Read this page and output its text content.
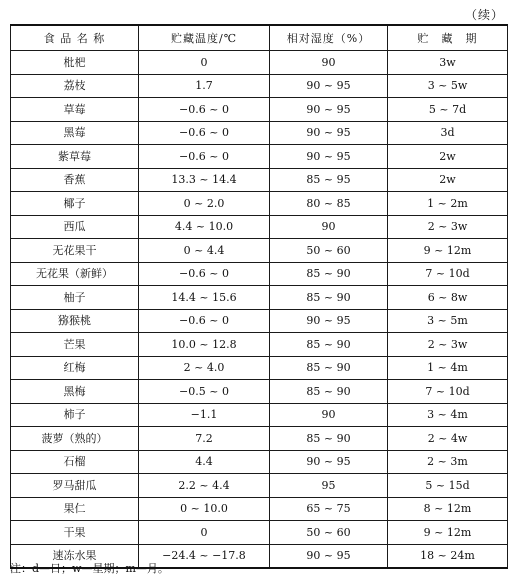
（续）
食 品 名 称	贮藏温度/℃	相对湿度（%）	贮　藏　期
枇杷	0	90	3w
荔枝	1.7	90 ~ 95	3 ~ 5w
草莓	−0.6 ~ 0	90 ~ 95	5 ~ 7d
黑莓	−0.6 ~ 0	90 ~ 95	3d
紫草莓	−0.6 ~ 0	90 ~ 95	2w
香蕉	13.3 ~ 14.4	85 ~ 95	2w
椰子	0 ~ 2.0	80 ~ 85	1 ~ 2m
西瓜	4.4 ~ 10.0	90	2 ~ 3w
无花果干	0 ~ 4.4	50 ~ 60	9 ~ 12m
无花果（新鲜）	−0.6 ~ 0	85 ~ 90	7 ~ 10d
柚子	14.4 ~ 15.6	85 ~ 90	6 ~ 8w
猕猴桃	−0.6 ~ 0	90 ~ 95	3 ~ 5m
芒果	10.0 ~ 12.8	85 ~ 90	2 ~ 3w
红梅	2 ~ 4.0	85 ~ 90	1 ~ 4m
黑梅	−0.5 ~ 0	85 ~ 90	7 ~ 10d
柿子	−1.1	90	3 ~ 4m
菠萝（熟的）	7.2	85 ~ 90	2 ~ 4w
石榴	4.4	90 ~ 95	2 ~ 3m
罗马甜瓜	2.2 ~ 4.4	95	5 ~ 15d
果仁	0 ~ 10.0	65 ~ 75	8 ~ 12m
干果	0	50 ~ 60	9 ~ 12m
速冻水果	−24.4 ~ −17.8	90 ~ 95	18 ~ 24m
注：d—日；w—星期；m—月。
